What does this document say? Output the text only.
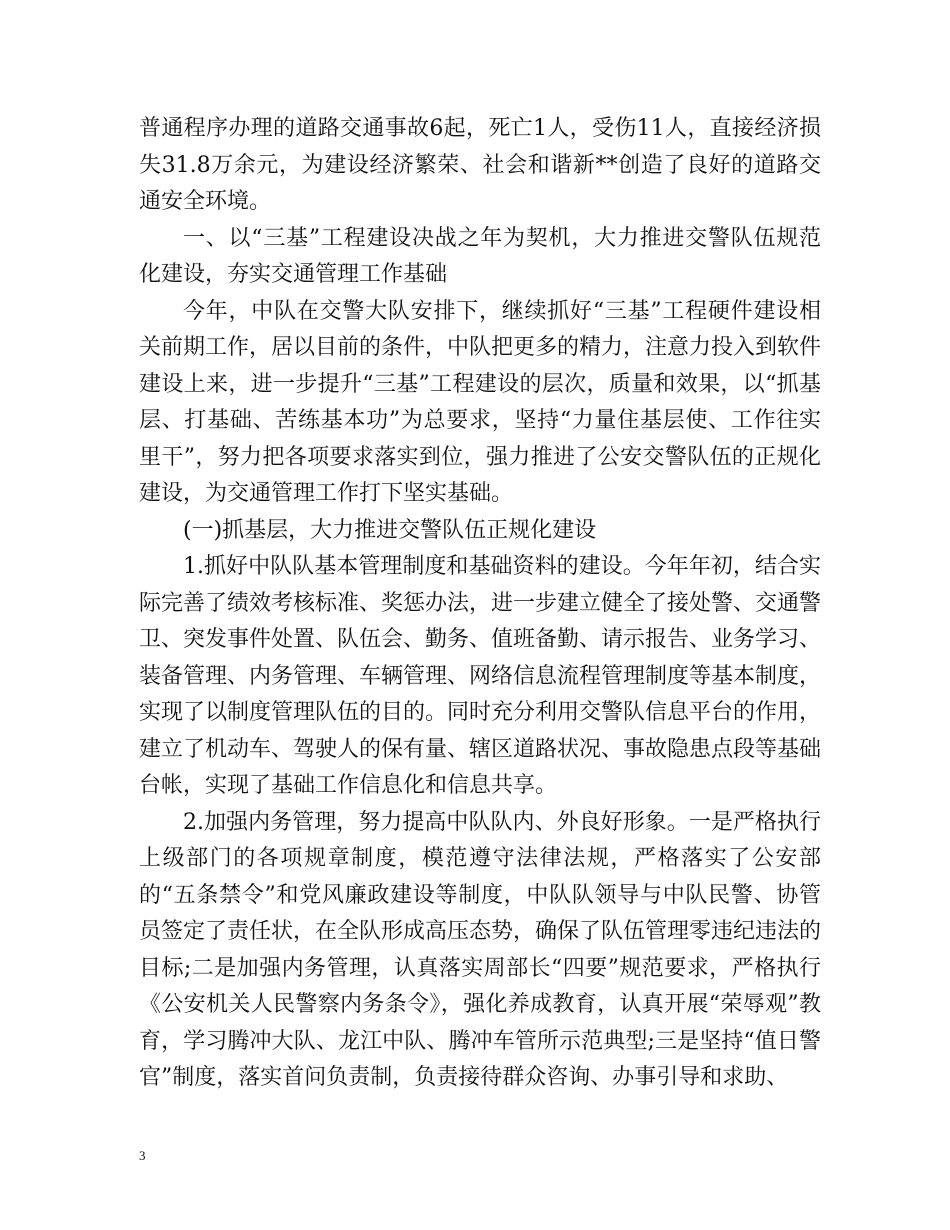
普通程序办理的道路交通事故6起，死亡1人，受伤11人，直接经济损失31.8万余元，为建设经济繁荣、社会和谐新**创造了良好的道路交通安全环境。

一、以“三基”工程建设决战之年为契机，大力推进交警队伍规范化建设，夯实交通管理工作基础

今年，中队在交警大队安排下，继续抓好“三基”工程硬件建设相关前期工作，居以目前的条件，中队把更多的精力，注意力投入到软件建设上来，进一步提升“三基”工程建设的层次，质量和效果，以“抓基层、打基础、苦练基本功”为总要求，坚持“力量住基层使、工作往实里干”，努力把各项要求落实到位，强力推进了公安交警队伍的正规化建设，为交通管理工作打下坚实基础。

(一)抓基层，大力推进交警队伍正规化建设

1.抓好中队队基本管理制度和基础资料的建设。今年年初，结合实际完善了绩效考核标准、奖惩办法，进一步建立健全了接处警、交通警卫、突发事件处置、队伍会、勤务、值班备勤、请示报告、业务学习、装备管理、内务管理、车辆管理、网络信息流程管理制度等基本制度，实现了以制度管理队伍的目的。同时充分利用交警队信息平台的作用，建立了机动车、驾驶人的保有量、辖区道路状况、事故隐患点段等基础台帐，实现了基础工作信息化和信息共享。

2.加强内务管理，努力提高中队队内、外良好形象。一是严格执行上级部门的各项规章制度，模范遵守法律法规，严格落实了公安部的“五条禁令”和党风廉政建设等制度，中队队领导与中队民警、协管员签定了责任状，在全队形成高压态势，确保了队伍管理零违纪违法的目标;二是加强内务管理，认真落实周部长“四要”规范要求，严格执行《公安机关人民警察内务条令》，强化养成教育，认真开展“荣辱观”教育，学习腾冲大队、龙江中队、腾冲车管所示范典型;三是坚持“值日警官”制度，落实首问负责制，负责接待群众咨询、办事引导和求助、

3
